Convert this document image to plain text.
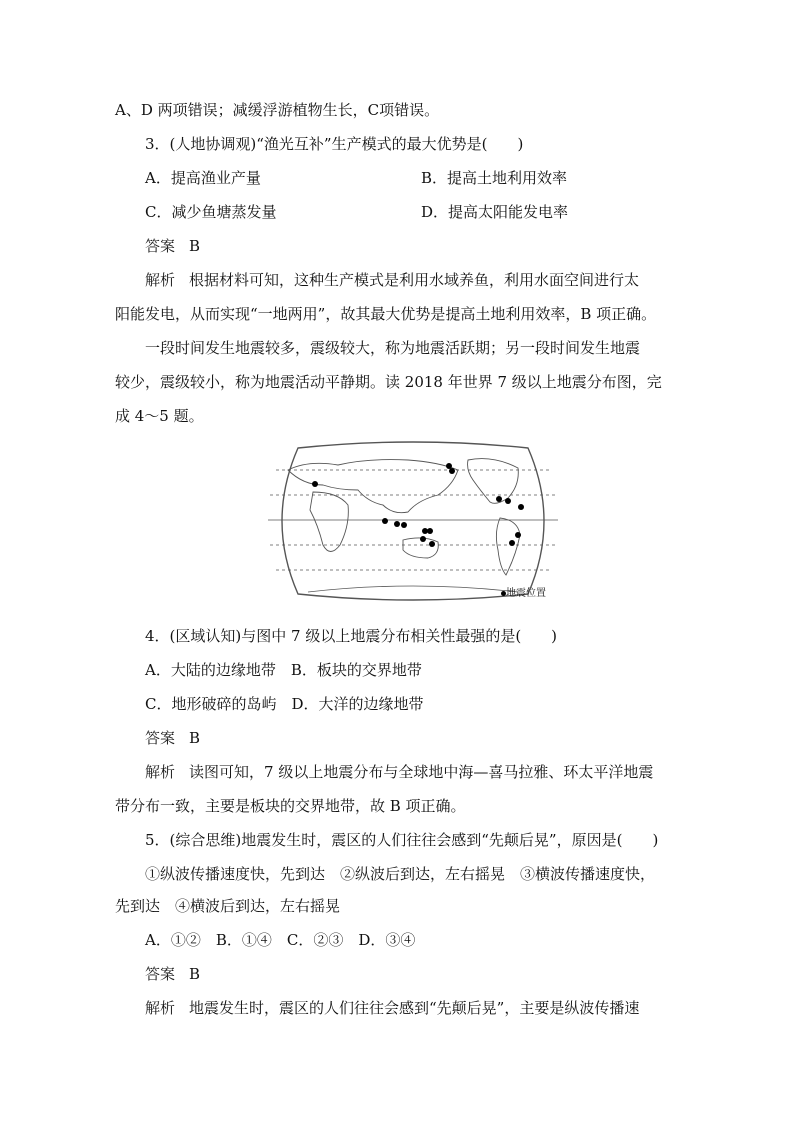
A、D 两项错误；减缓浮游植物生长，C项错误。
3．(人地协调观)“渔光互补”生产模式的最大优势是(　　)
A．提高渔业产量	B．提高土地利用效率
C．减少鱼塘蒸发量	D．提高太阳能发电率
答案 B
解析 根据材料可知，这种生产模式是利用水域养鱼，利用水面空间进行太
阳能发电，从而实现“一地两用”，故其最大优势是提高土地利用效率，B 项正确。
一段时间发生地震较多，震级较大，称为地震活跃期；另一段时间发生地震
较少，震级较小，称为地震活动平静期。读 2018 年世界 7 级以上地震分布图，完
成 4～5 题。
地震位置
4．(区域认知)与图中 7 级以上地震分布相关性最强的是(　　)
A．大陆的边缘地带　B．板块的交界地带
C．地形破碎的岛屿　D．大洋的边缘地带
答案 B
解析 读图可知，7 级以上地震分布与全球地中海—喜马拉雅、环太平洋地震
带分布一致，主要是板块的交界地带，故 B 项正确。
5．(综合思维)地震发生时，震区的人们往往会感到“先颠后晃”，原因是(　　)
①纵波传播速度快，先到达　②纵波后到达，左右摇晃　③横波传播速度快，
先到达　④横波后到达，左右摇晃
A．①②　B．①④　C．②③　D．③④
答案 B
解析 地震发生时，震区的人们往往会感到“先颠后晃”，主要是纵波传播速
